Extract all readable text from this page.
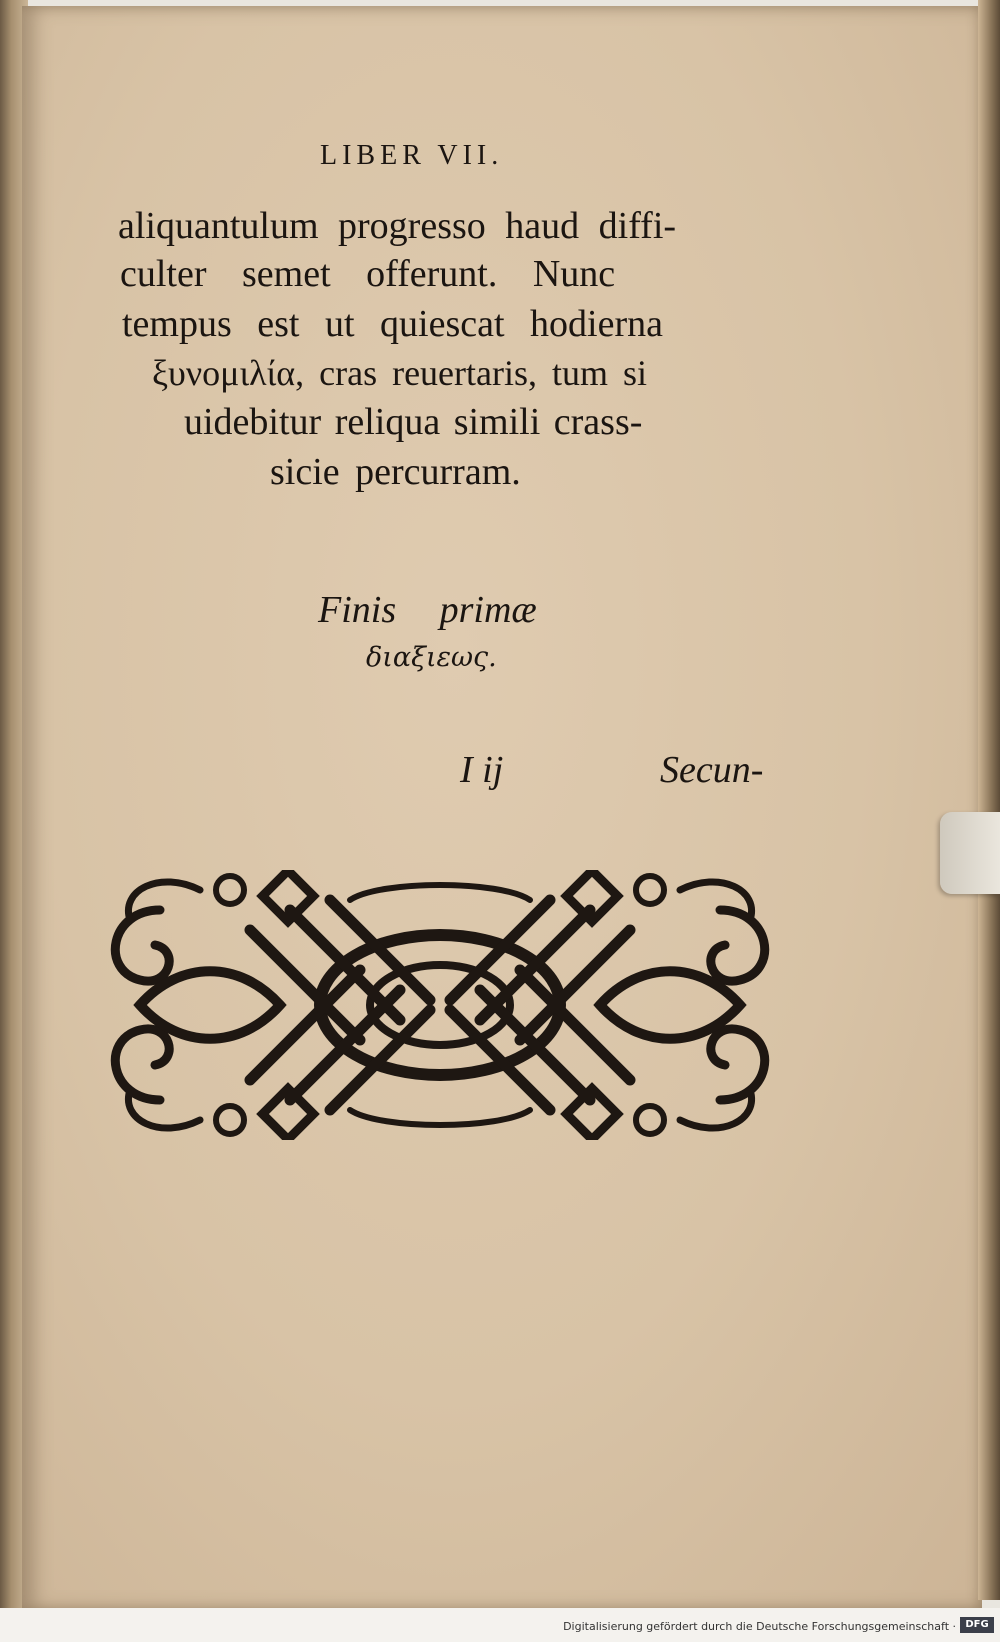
LIBER VII.
aliquantulum progresso haud diffi-
culter semet offerunt. Nunc
tempus est ut quiescat hodierna
ξυνομιλία, cras reuertaris, tum si
uidebitur reliqua simili crass-
sicie percurram.
Finis primæ
διαξιεως.
I ij	Secun-
Digitalisierung gefördert durch die Deutsche Forschungsgemeinschaft · DFG
